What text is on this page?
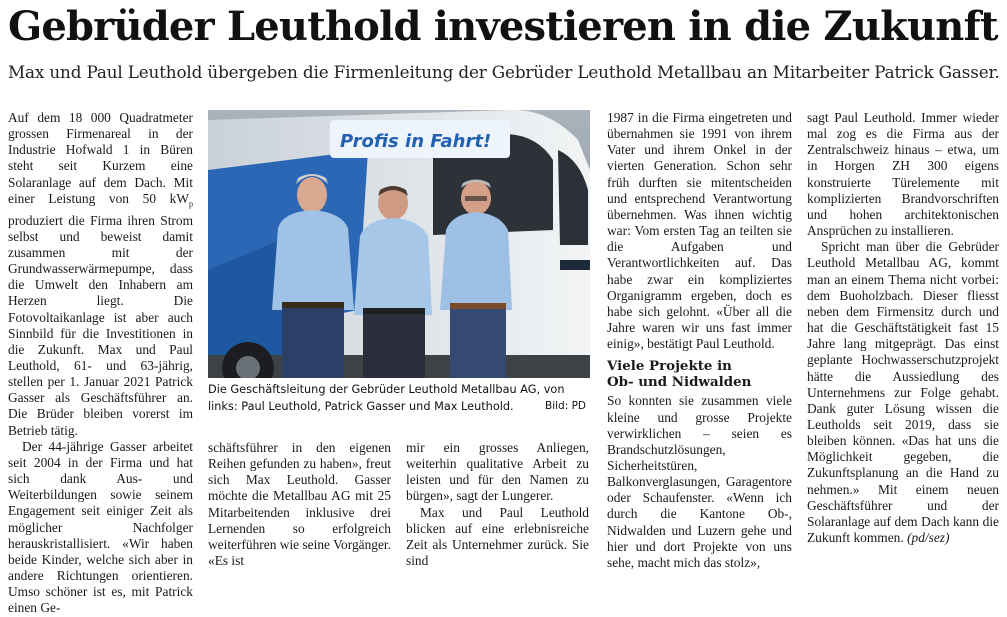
Gebrüder Leuthold investieren in die Zukunft
Max und Paul Leuthold übergeben die Firmenleitung der Gebrüder Leuthold Metallbau an Mitarbeiter Patrick Gasser.

Auf dem 18 000 Quadratmeter grossen Firmenareal in der Industrie Hofwald 1 in Büren steht seit Kurzem eine Solaranlage auf dem Dach. Mit einer Leistung von 50 $kW_p$ produziert die Firma ihren Strom selbst und beweist damit zusammen mit der Grundwasserwärmepumpe, dass die Umwelt den Inhabern am Herzen liegt. Die Fotovoltaikanlage ist aber auch Sinnbild für die Investitionen in die Zukunft. Max und Paul Leuthold, 61- und 63-jährig, stellen per 1. Januar 2021 Patrick Gasser als Geschäftsführer an. Die Brüder bleiben vorerst im Betrieb tätig.

Der 44-jährige Gasser arbeitet seit 2004 in der Firma und hat sich dank Aus- und Weiterbildungen sowie seinem Engagement seit einiger Zeit als möglicher Nachfolger herauskristallisiert. «Wir haben beide Kinder, welche sich aber in andere Richtungen orientieren. Umso schöner ist es, mit Patrick einen Ge-

Profis in Fahrt!
Die Geschäftsleitung der Gebrüder Leuthold Metallbau AG, von links: Paul Leuthold, Patrick Gasser und Max Leuthold.	Bild: PD

schäftsführer in den eigenen Reihen gefunden zu haben», freut sich Max Leuthold. Gasser möchte die Metallbau AG mit 25 Mitarbeitenden inklusive drei Lernenden so erfolgreich weiterführen wie seine Vorgänger. «Es ist

mir ein grosses Anliegen, weiterhin qualitative Arbeit zu leisten und für den Namen zu bürgen», sagt der Lungerer.

Max und Paul Leuthold blicken auf eine erlebnisreiche Zeit als Unternehmer zurück. Sie sind

1987 in die Firma eingetreten und übernahmen sie 1991 von ihrem Vater und ihrem Onkel in der vierten Generation. Schon sehr früh durften sie mitentscheiden und entsprechend Verantwortung übernehmen. Was ihnen wichtig war: Vom ersten Tag an teilten sie die Aufgaben und Verantwortlichkeiten auf. Das habe zwar ein kompliziertes Organigramm ergeben, doch es habe sich gelohnt. «Über all die Jahre waren wir uns fast immer einig», bestätigt Paul Leuthold.

Viele Projekte in
Ob- und Nidwalden

So konnten sie zusammen viele kleine und grosse Projekte verwirklichen – seien es Brandschutzlösungen, Sicherheitstüren, Balkonverglasungen, Garagentore oder Schaufenster. «Wenn ich durch die Kantone Ob-, Nidwalden und Luzern gehe und hier und dort Projekte von uns sehe, macht mich das stolz»,

sagt Paul Leuthold. Immer wieder mal zog es die Firma aus der Zentralschweiz hinaus – etwa, um in Horgen ZH 300 eigens konstruierte Türelemente mit komplizierten Brandvorschriften und hohen architektonischen Ansprüchen zu installieren.

Spricht man über die Gebrüder Leuthold Metallbau AG, kommt man an einem Thema nicht vorbei: dem Buoholzbach. Dieser fliesst neben dem Firmensitz durch und hat die Geschäftstätigkeit fast 15 Jahre lang mitgeprägt. Das einst geplante Hochwasserschutzprojekt hätte die Aussiedlung des Unternehmens zur Folge gehabt. Dank guter Lösung wissen die Leutholds seit 2019, dass sie bleiben können. «Das hat uns die Möglichkeit gegeben, die Zukunftsplanung an die Hand zu nehmen.» Mit einem neuen Geschäftsführer und der Solaranlage auf dem Dach kann die Zukunft kommen. (pd/sez)
